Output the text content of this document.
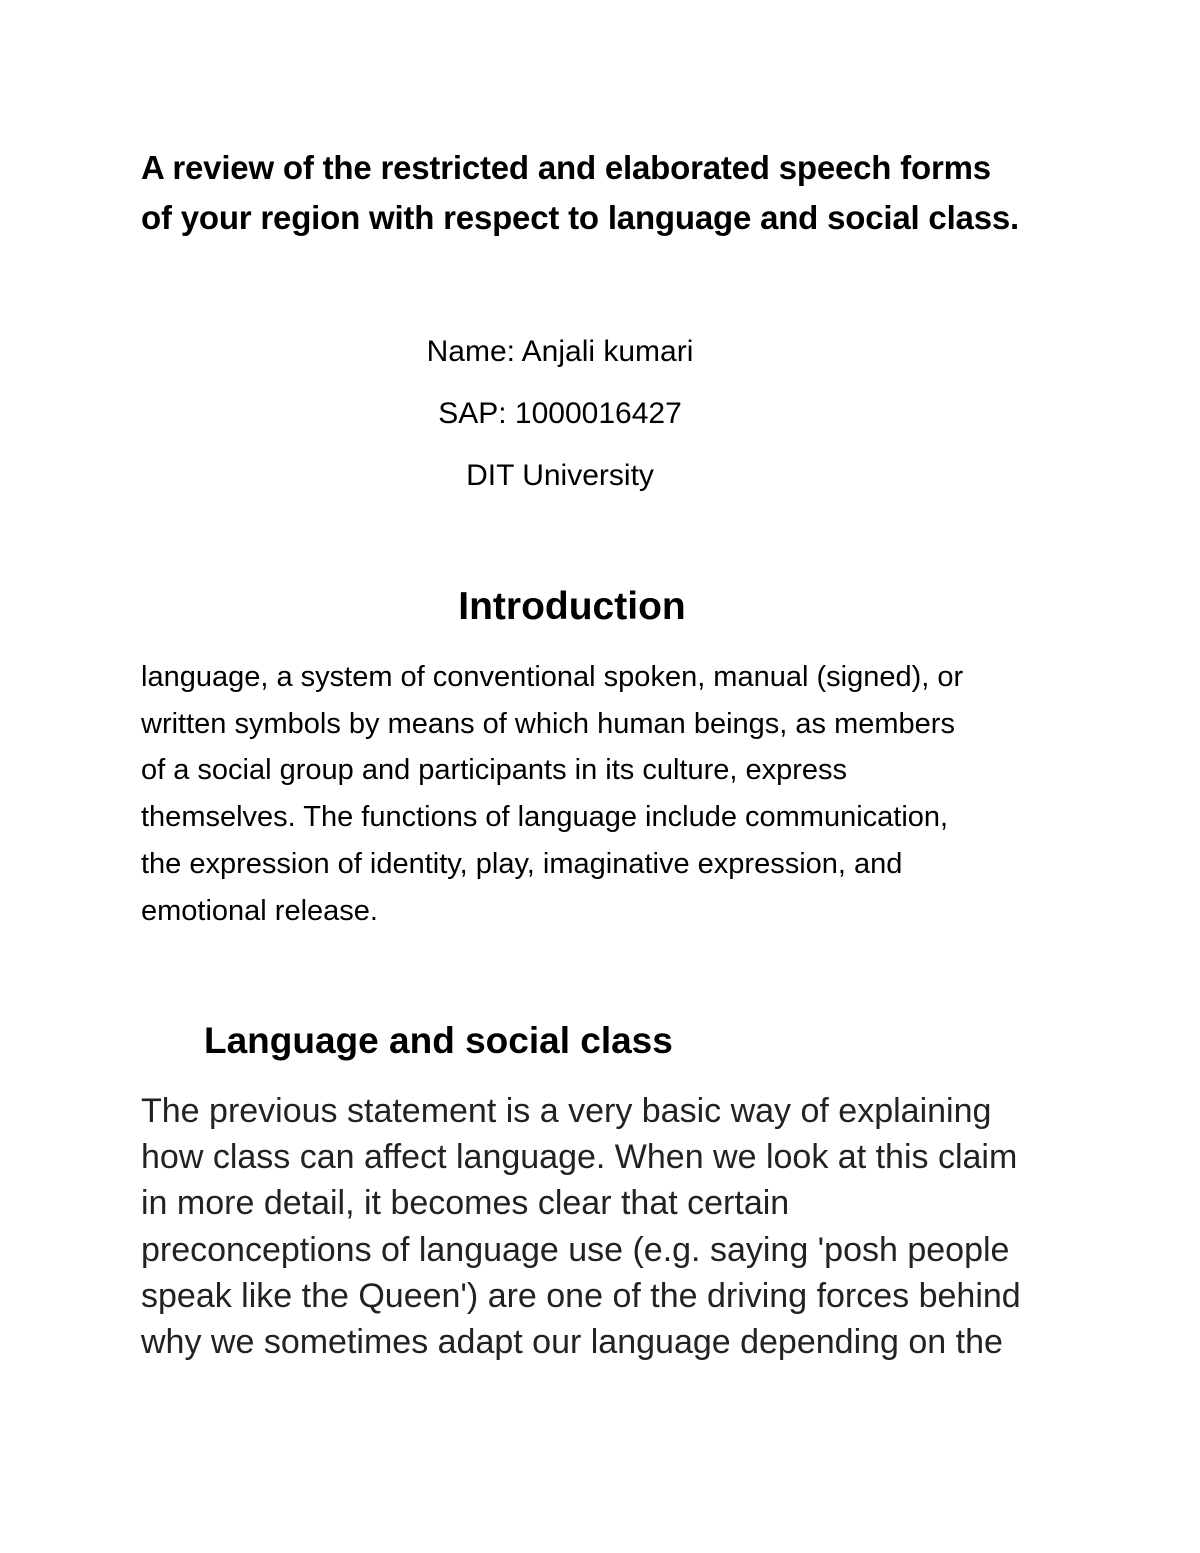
A review of the restricted and elaborated speech forms
of your region with respect to language and social class.

Name: Anjali kumari

SAP: 1000016427

DIT University

Introduction

language, a system of conventional spoken, manual (signed), or
written symbols by means of which human beings, as members
of a social group and participants in its culture, express
themselves. The functions of language include communication,
the expression of identity, play, imaginative expression, and
emotional release.

Language and social class

The previous statement is a very basic way of explaining
how class can affect language. When we look at this claim
in more detail, it becomes clear that certain
preconceptions of language use (e.g. saying 'posh people
speak like the Queen') are one of the driving forces behind
why we sometimes adapt our language depending on the
